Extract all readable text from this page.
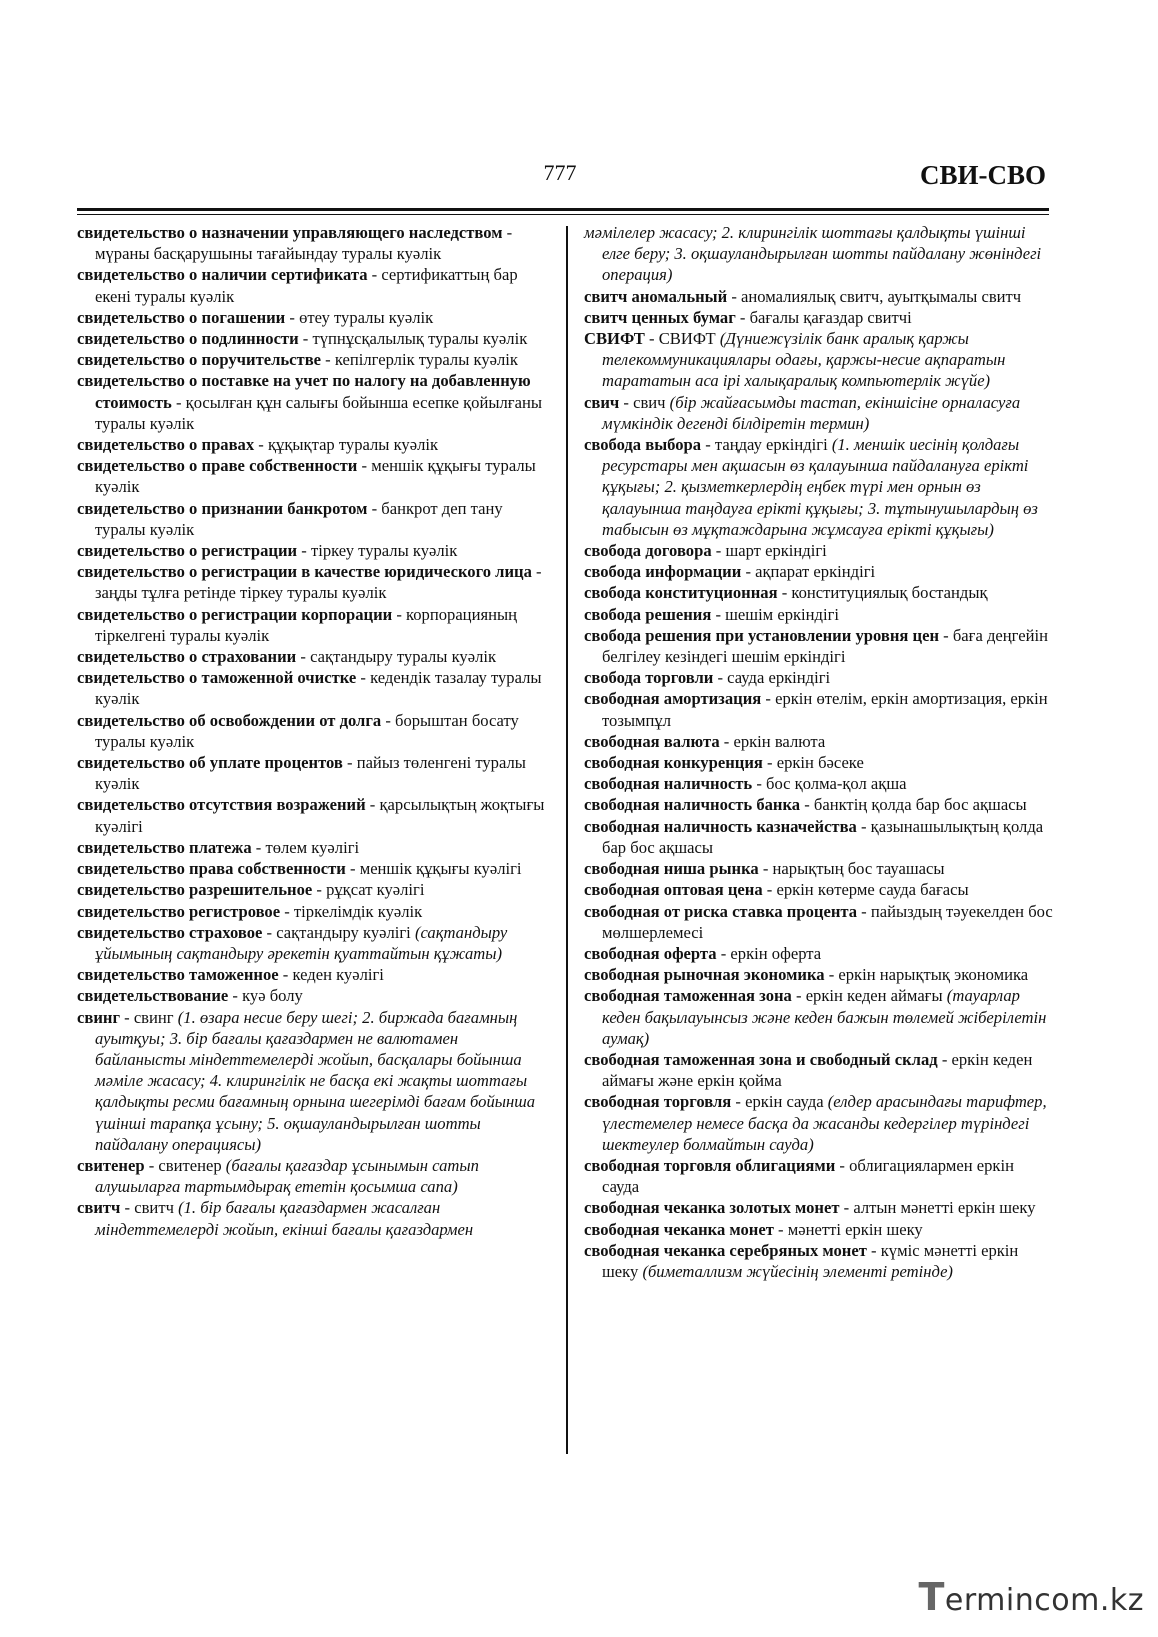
777	СВИ-СВО
свидетельство о назначении управляющего наследством - мүраны басқарушыны тағайындау туралы куәлік
свидетельство о наличии сертификата - сертификаттың бар екені туралы куәлік
свидетельство о погашении - өтеу туралы куәлік
свидетельство о подлинности - түпнұсқалылық туралы куәлік
свидетельство о поручительстве - кепілгерлік туралы куәлік
свидетельство о поставке на учет по налогу на добавленную стоимость - қосылған құн салығы бойынша есепке қойылғаны туралы куәлік
свидетельство о правах - құқықтар туралы куәлік
свидетельство о праве собственности - меншік құқығы туралы куәлік
свидетельство о признании банкротом - банкрот деп тану туралы куәлік
свидетельство о регистрации - тіркеу туралы куәлік
свидетельство о регистрации в качестве юридического лица - заңды тұлға ретінде тіркеу туралы куәлік
свидетельство о регистрации корпорации - корпорацияның тіркелгені туралы куәлік
свидетельство о страховании - сақтандыру туралы куәлік
свидетельство о таможенной очистке - кедендік тазалау туралы куәлік
свидетельство об освобождении от долга - борыштан босату туралы куәлік
свидетельство об уплате процентов - пайыз төленгені туралы куәлік
свидетельство отсутствия возражений - қарсылықтың жоқтығы куәлігі
свидетельство платежа - төлем куәлігі
свидетельство права собственности - меншік құқығы куәлігі
свидетельство разрешительное - рұқсат куәлігі
свидетельство регистровое - тіркелімдік куәлік
свидетельство страховое - сақтандыру куәлігі (сақтандыру ұйымының сақтандыру әрекетін қуаттайтын құжаты)
свидетельство таможенное - кеден куәлігі
свидетельствование - куә болу
свинг - свинг (1. өзара несие беру шегі; 2. биржада бағамның ауытқуы; 3. бір бағалы қағаздармен не валютамен байланысты міндеттемелерді жойып, басқалары бойынша мәміле жасасу; 4. клирингілік не басқа екі жақты шоттағы қалдықты ресми бағамның орнына шегерімді бағам бойынша үшінші тарапқа ұсыну; 5. оқшауландырылған шотты пайдалану операциясы)
свитенер - свитенер (бағалы қағаздар ұсынымын сатып алушыларға тартымдырақ ететін қосымша сапа)
свитч - свитч (1. бір бағалы қағаздармен жасалған міндеттемелерді жойып, екінші бағалы қағаздармен
мәмілелер жасасу; 2. клирингілік шоттағы қалдықты үшінші елге беру; 3. оқшауландырылған шотты пайдалану жөніндегі операция)
свитч аномальный - аномалиялық свитч, ауытқымалы свитч
свитч ценных бумаг - бағалы қағаздар свитчі
СВИФТ - СВИФТ (Дүниежүзілік банк аралық қаржы телекоммуникациялары одағы, қаржы-несие ақпаратын тарататын аса ірі халықаралық компьютерлік жүйе)
свич - свич (бір жайғасымды тастап, екіншісіне орналасуға мүмкіндік дегенді білдіретін термин)
свобода выбора - таңдау еркіндігі (1. меншік иесінің қолдағы ресурстары мен ақшасын өз қалауынша пайдалануға ерікті құқығы; 2. қызметкерлердің еңбек түрі мен орнын өз қалауынша таңдауға ерікті құқығы; 3. тұтынушылардың өз табысын өз мұқтаждарына жұмсауға ерікті құқығы)
свобода договора - шарт еркіндігі
свобода информации - ақпарат еркіндігі
свобода конституционная - конституциялық бостандық
свобода решения - шешім еркіндігі
свобода решения при установлении уровня цен - баға деңгейін белгілеу кезіндегі шешім еркіндігі
свобода торговли - сауда еркіндігі
свободная амортизация - еркін өтелім, еркін амортизация, еркін тозымпұл
свободная валюта - еркін валюта
свободная конкуренция - еркін бәсеке
свободная наличность - бос қолма-қол ақша
свободная наличность банка - банктің қолда бар бос ақшасы
свободная наличность казначейства - қазынашылықтың қолда бар бос ақшасы
свободная ниша рынка - нарықтың бос тауашасы
свободная оптовая цена - еркін көтерме сауда бағасы
свободная от риска ставка процента - пайыздың тәуекелден бос мөлшерлемесі
свободная оферта - еркін оферта
свободная рыночная экономика - еркін нарықтық экономика
свободная таможенная зона - еркін кеден аймағы (тауарлар кеден бақылауынсыз және кеден бажын төлемей жіберілетін аумақ)
свободная таможенная зона и свободный склад - еркін кеден аймағы және еркін қойма
свободная торговля - еркін сауда (елдер арасындағы тарифтер, үлестемелер немесе басқа да жасанды кедергілер түріндегі шектеулер болмайтын сауда)
свободная торговля облигациями - облигациялармен еркін сауда
свободная чеканка золотых монет - алтын мәнетті еркін шеку
свободная чеканка монет - мәнетті еркін шеку
свободная чеканка серебряных монет - күміс мәнетті еркін шеку (биметаллизм жүйесінің элементі ретінде)
Termincom.kz
